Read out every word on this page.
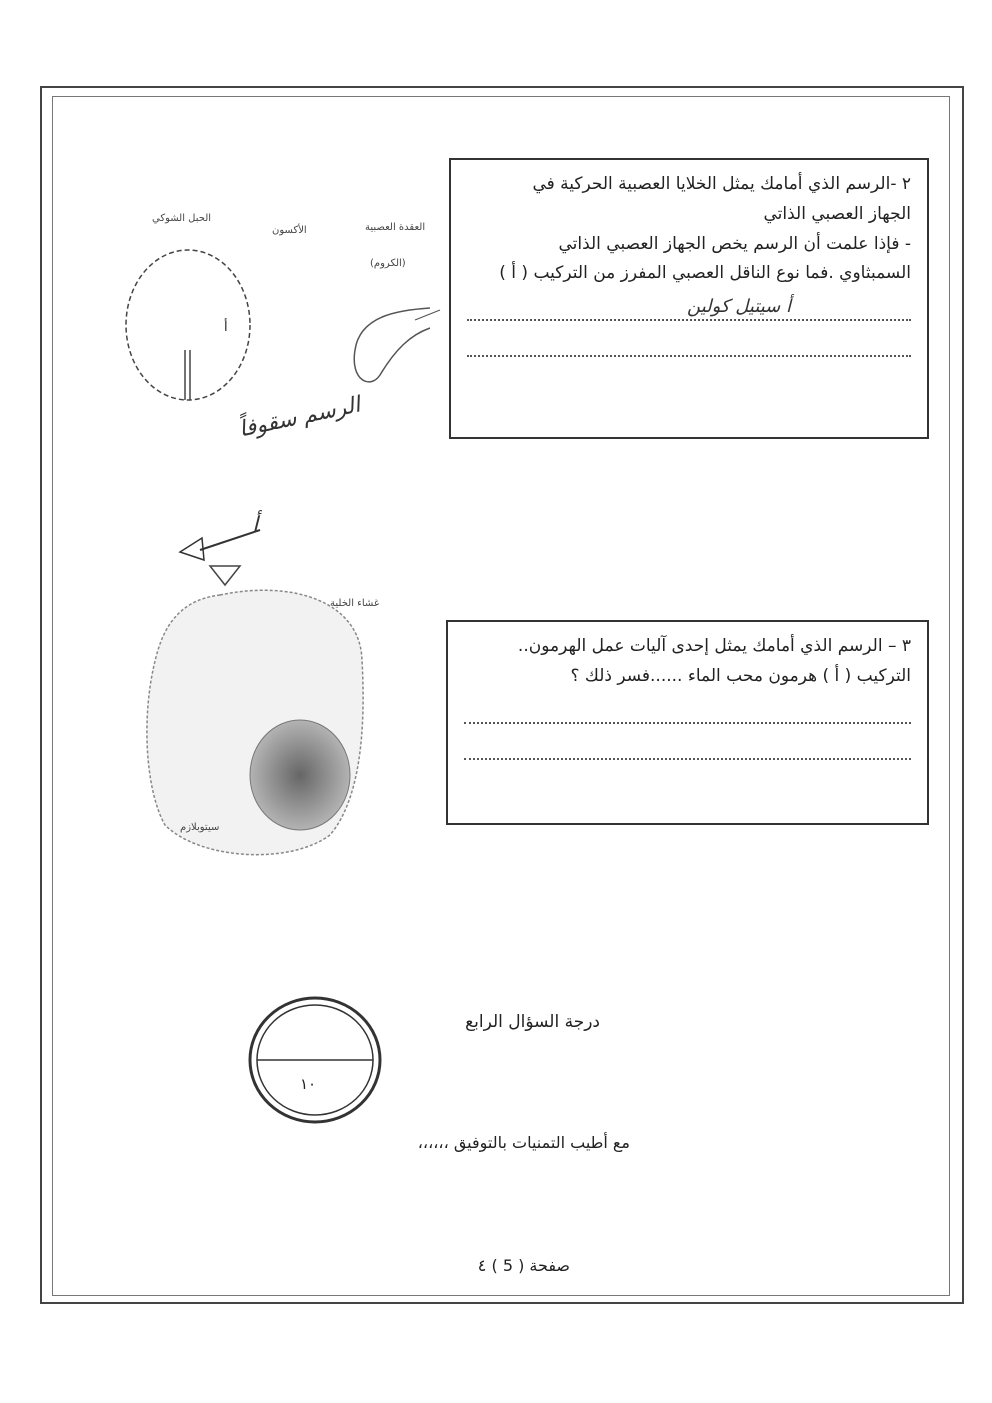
٢ -الرسم الذي أمامك يمثل الخلايا العصبية الحركية في

الجهاز العصبي الذاتي

- فإذا علمت أن الرسم يخص الجهاز العصبي الذاتي

السمبثاوي .فما نوع الناقل العصبي المفرز من التركيب ( أ )

أ سيتيل كولين
الحبل الشوكي
الأكسون	العقدة العصبية
(الكروم)
الرسم سقوفاً
أ
أ
غشاء الخلية
سيتوبلازم

٣ – الرسم الذي أمامك يمثل إحدى آليات عمل الهرمون..

التركيب ( أ ) هرمون محب الماء ......فسر ذلك ؟

١٠
درجة السؤال الرابع
مع أطيب التمنيات بالتوفيق ،،،،،،
صفحة ( 5 ) ٤
